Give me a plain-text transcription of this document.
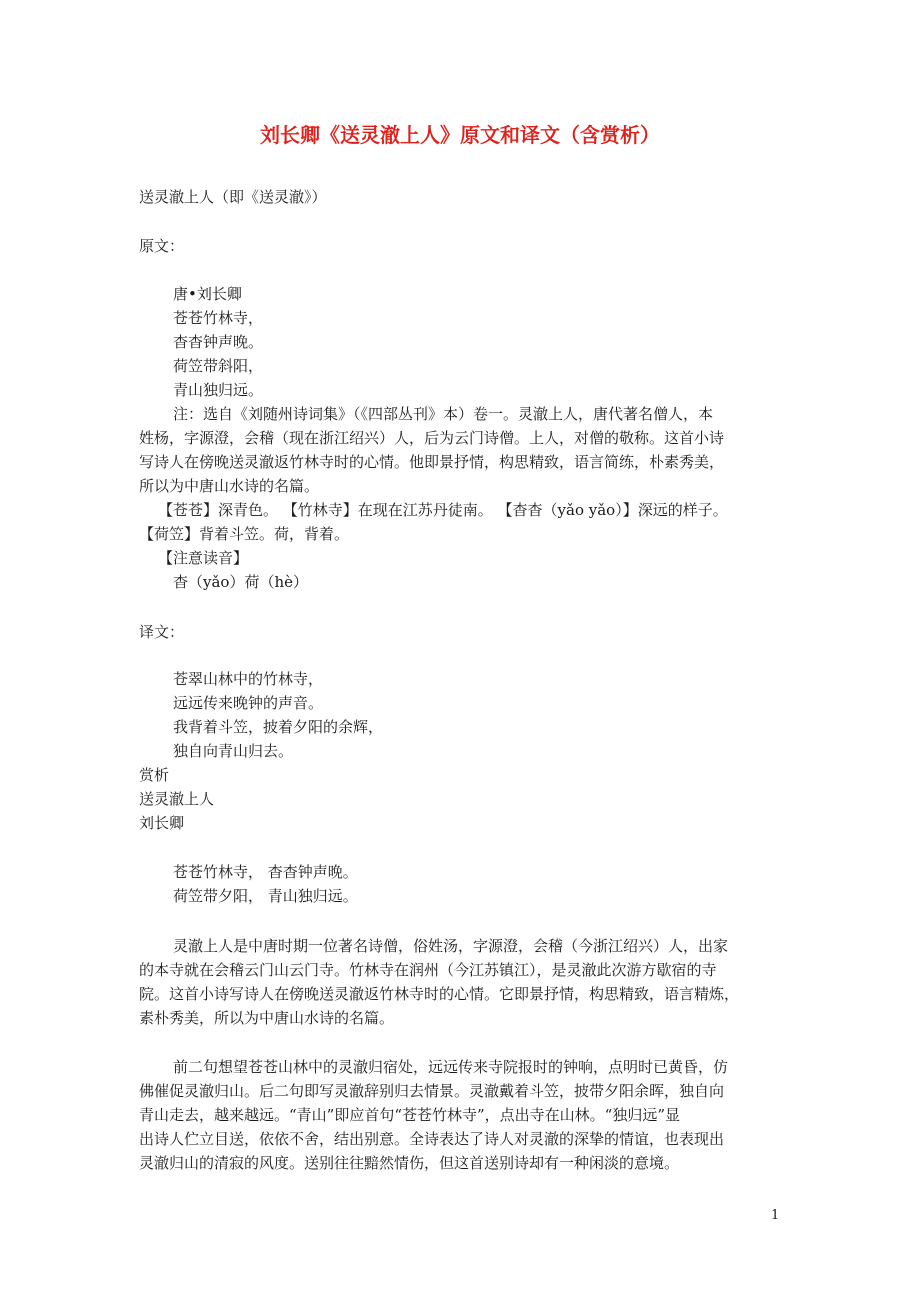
刘长卿《送灵澈上人》原文和译文（含赏析）

送灵澈上人（即《送灵澈》）

原文：

唐•刘长卿

苍苍竹林寺，

杳杳钟声晚。

荷笠带斜阳，

青山独归远。

注：选自《刘随州诗词集》（《四部丛刊》本）卷一。灵澈上人，唐代著名僧人，本

姓杨，字源澄，会稽（现在浙江绍兴）人，后为云门诗僧。上人，对僧的敬称。这首小诗

写诗人在傍晚送灵澈返竹林寺时的心情。他即景抒情，构思精致，语言简练，朴素秀美，

所以为中唐山水诗的名篇。

【苍苍】深青色。 【竹林寺】在现在江苏丹徒南。 【杳杳（yǎo yǎo）】深远的样子。

【荷笠】背着斗笠。荷，背着。

【注意读音】

杳（yǎo）荷（hè）

译文：

苍翠山林中的竹林寺，

远远传来晚钟的声音。

我背着斗笠，披着夕阳的余辉，

独自向青山归去。

赏析

送灵澈上人

刘长卿

苍苍竹林寺， 杳杳钟声晚。

荷笠带夕阳， 青山独归远。

灵澈上人是中唐时期一位著名诗僧，俗姓汤，字源澄，会稽（今浙江绍兴）人，出家

的本寺就在会稽云门山云门寺。竹林寺在润州（今江苏镇江），是灵澈此次游方歇宿的寺

院。这首小诗写诗人在傍晚送灵澈返竹林寺时的心情。它即景抒情，构思精致，语言精炼，

素朴秀美，所以为中唐山水诗的名篇。

前二句想望苍苍山林中的灵澈归宿处，远远传来寺院报时的钟响，点明时已黄昏，仿

佛催促灵澈归山。后二句即写灵澈辞别归去情景。灵澈戴着斗笠，披带夕阳余晖，独自向

青山走去，越来越远。“青山”即应首句“苍苍竹林寺”，点出寺在山林。“独归远”显

出诗人伫立目送，依依不舍，结出别意。全诗表达了诗人对灵澈的深挚的情谊，也表现出

灵澈归山的清寂的风度。送别往往黯然情伤，但这首送别诗却有一种闲淡的意境。

1
